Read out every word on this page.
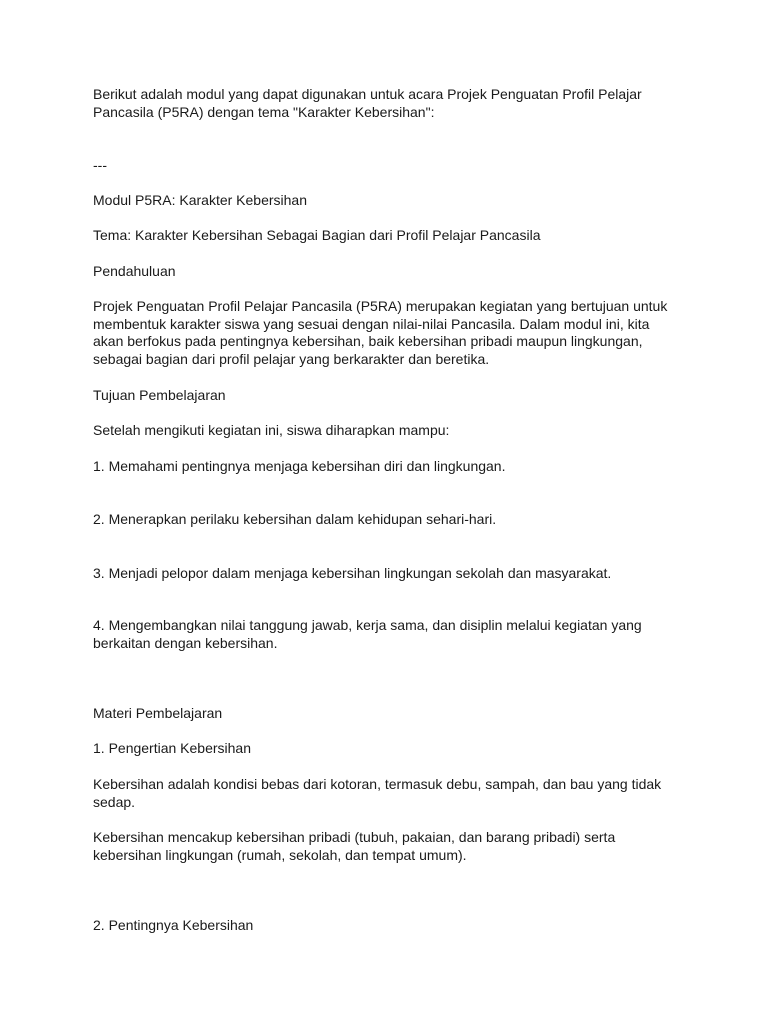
Berikut adalah modul yang dapat digunakan untuk acara Projek Penguatan Profil Pelajar
Pancasila (P5RA) dengan tema "Karakter Kebersihan":

---

Modul P5RA: Karakter Kebersihan

Tema: Karakter Kebersihan Sebagai Bagian dari Profil Pelajar Pancasila

Pendahuluan

Projek Penguatan Profil Pelajar Pancasila (P5RA) merupakan kegiatan yang bertujuan untuk
membentuk karakter siswa yang sesuai dengan nilai-nilai Pancasila. Dalam modul ini, kita
akan berfokus pada pentingnya kebersihan, baik kebersihan pribadi maupun lingkungan,
sebagai bagian dari profil pelajar yang berkarakter dan beretika.

Tujuan Pembelajaran

Setelah mengikuti kegiatan ini, siswa diharapkan mampu:

1. Memahami pentingnya menjaga kebersihan diri dan lingkungan.

2. Menerapkan perilaku kebersihan dalam kehidupan sehari-hari.

3. Menjadi pelopor dalam menjaga kebersihan lingkungan sekolah dan masyarakat.

4. Mengembangkan nilai tanggung jawab, kerja sama, dan disiplin melalui kegiatan yang
berkaitan dengan kebersihan.

Materi Pembelajaran

1. Pengertian Kebersihan

Kebersihan adalah kondisi bebas dari kotoran, termasuk debu, sampah, dan bau yang tidak
sedap.

Kebersihan mencakup kebersihan pribadi (tubuh, pakaian, dan barang pribadi) serta
kebersihan lingkungan (rumah, sekolah, dan tempat umum).

2. Pentingnya Kebersihan
